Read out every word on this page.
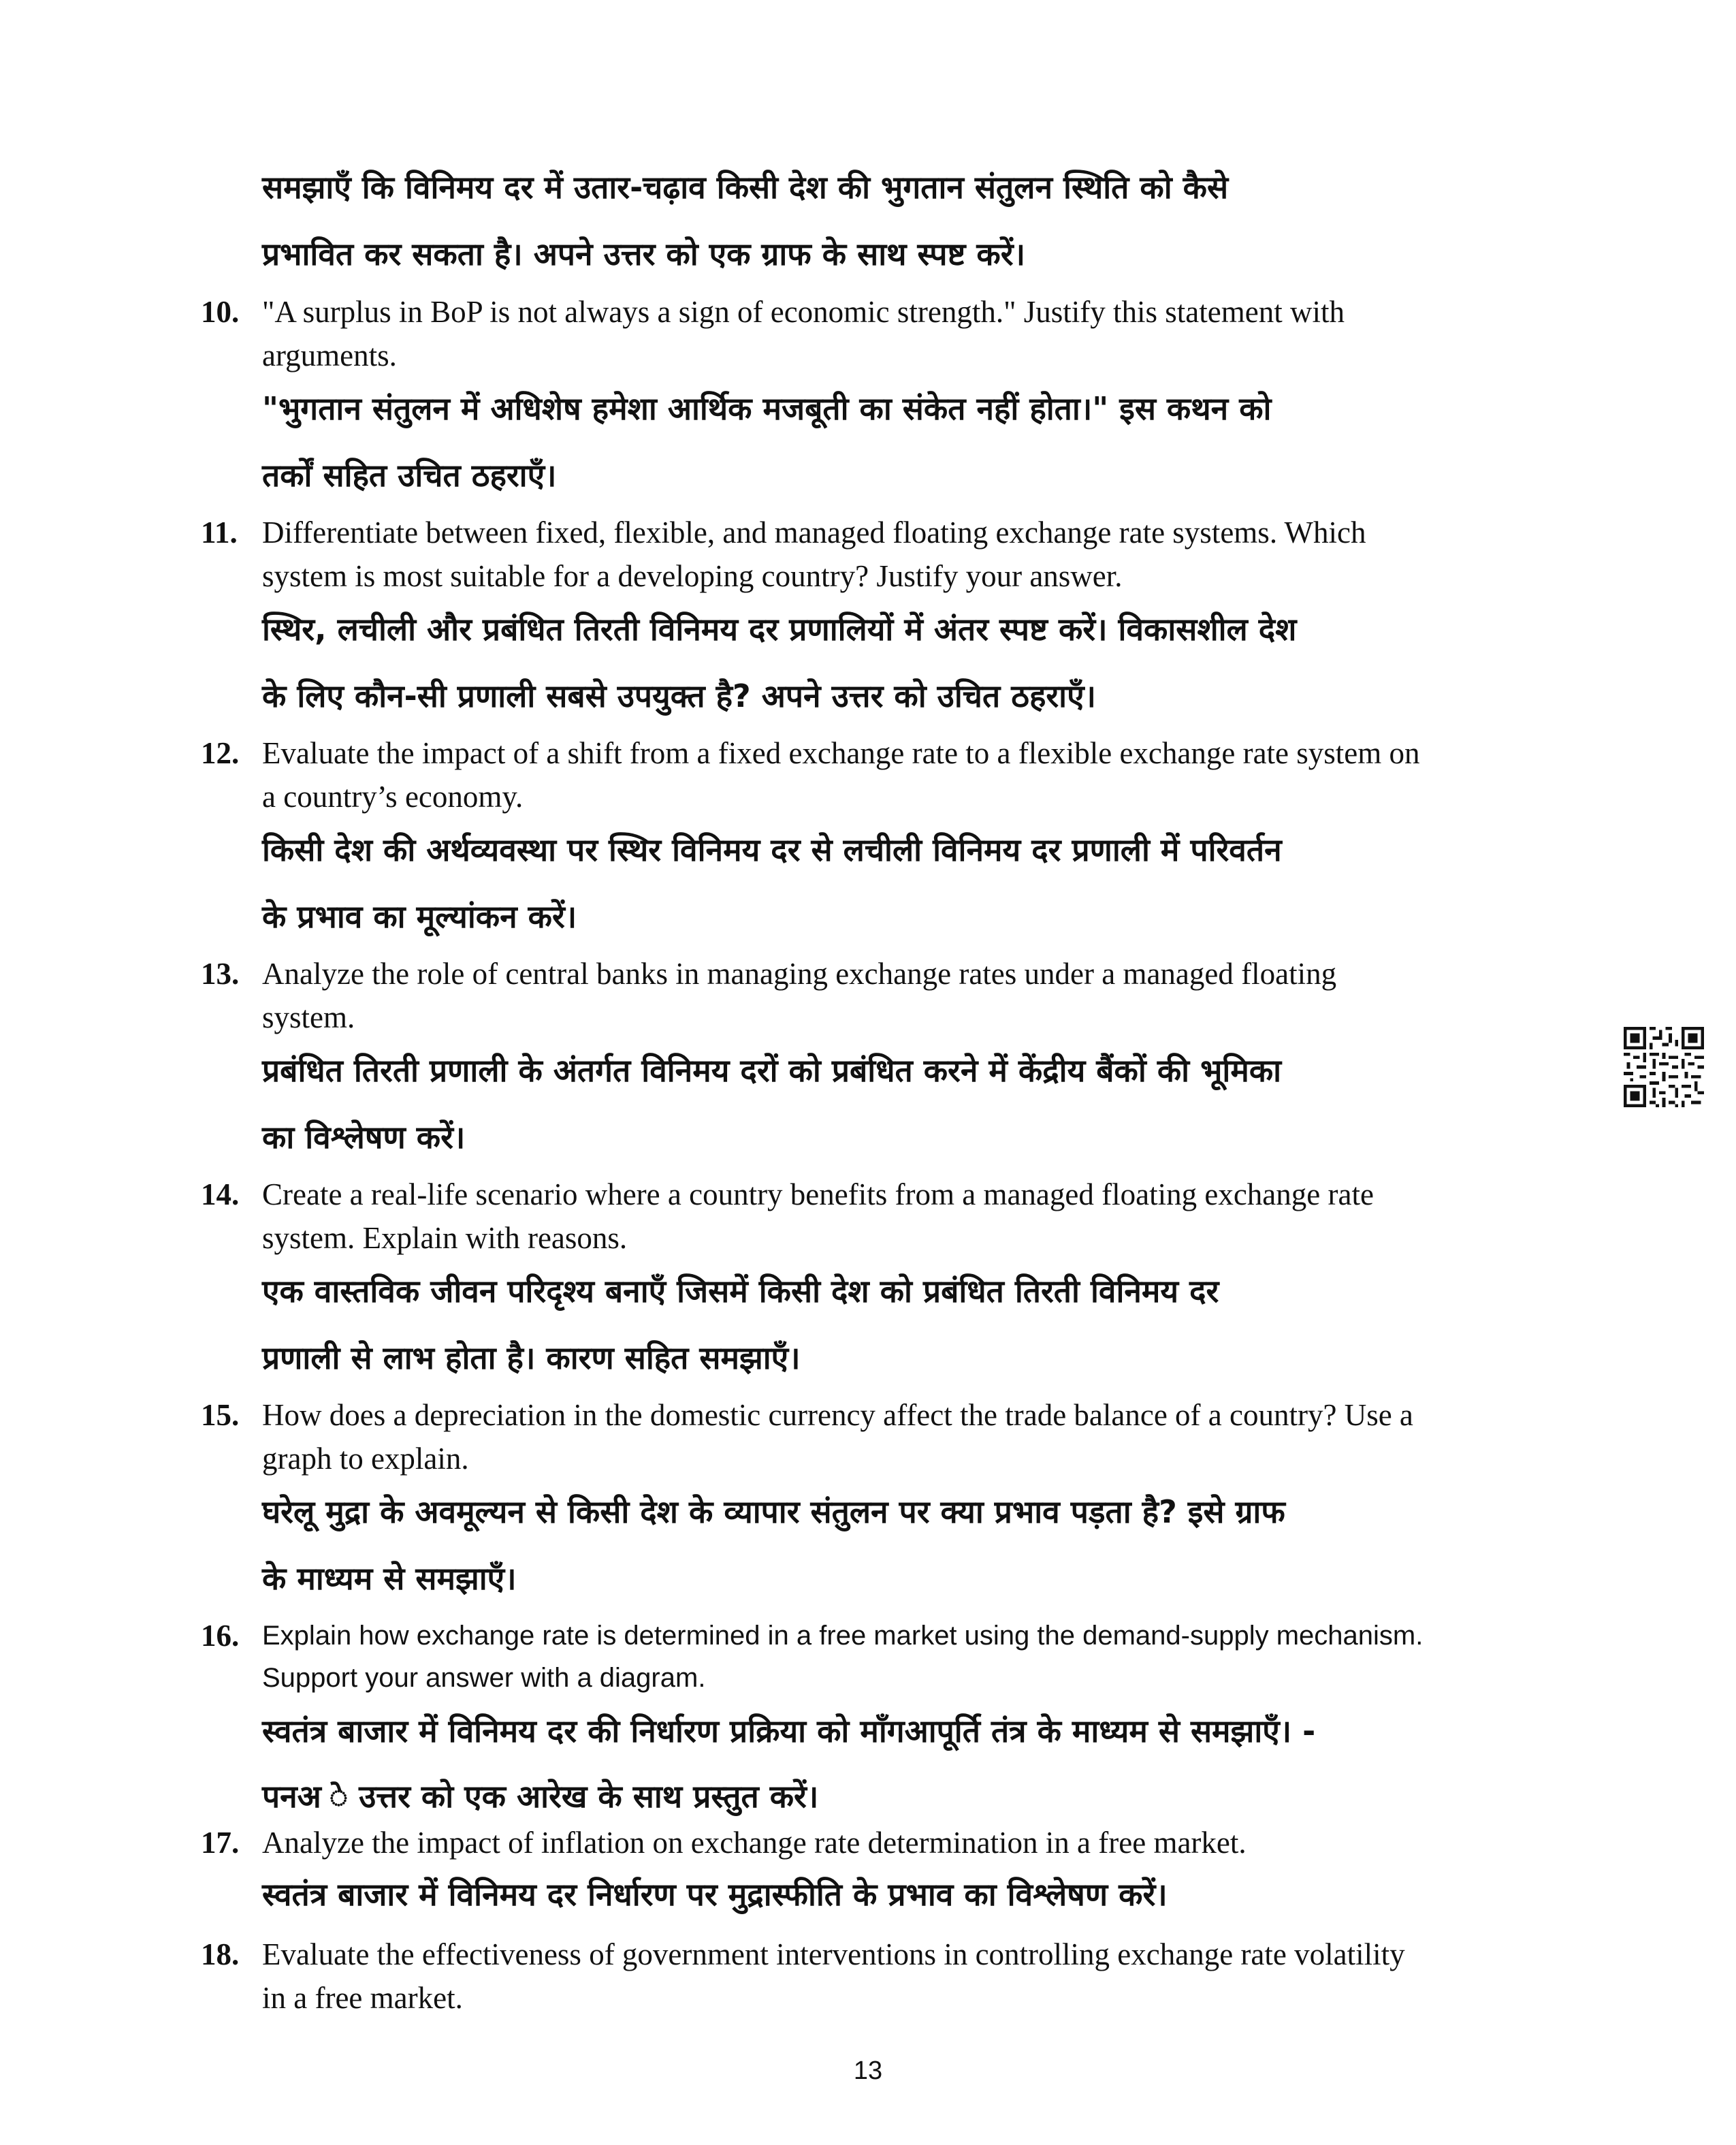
समझाएँ कि विनिमय दर में उतार-चढ़ाव किसी देश की भुगतान संतुलन स्थिति को कैसे
प्रभावित कर सकता है। अपने उत्तर को एक ग्राफ के साथ स्पष्ट करें।
10. "A surplus in BoP is not always a sign of economic strength." Justify this statement with
arguments.
"भुगतान संतुलन में अधिशेष हमेशा आर्थिक मजबूती का संकेत नहीं होता।" इस कथन को
तर्कों सहित उचित ठहराएँ।
11. Differentiate between fixed, flexible, and managed floating exchange rate systems. Which
system is most suitable for a developing country? Justify your answer.
स्थिर, लचीली और प्रबंधित तिरती विनिमय दर प्रणालियों में अंतर स्पष्ट करें। विकासशील देश
के लिए कौन-सी प्रणाली सबसे उपयुक्त है? अपने उत्तर को उचित ठहराएँ।
12. Evaluate the impact of a shift from a fixed exchange rate to a flexible exchange rate system on
a country’s economy.
किसी देश की अर्थव्यवस्था पर स्थिर विनिमय दर से लचीली विनिमय दर प्रणाली में परिवर्तन
के प्रभाव का मूल्यांकन करें।
13. Analyze the role of central banks in managing exchange rates under a managed floating
system.
प्रबंधित तिरती प्रणाली के अंतर्गत विनिमय दरों को प्रबंधित करने में केंद्रीय बैंकों की भूमिका
का विश्लेषण करें।
14. Create a real-life scenario where a country benefits from a managed floating exchange rate
system. Explain with reasons.
एक वास्तविक जीवन परिदृश्य बनाएँ जिसमें किसी देश को प्रबंधित तिरती विनिमय दर
प्रणाली से लाभ होता है। कारण सहित समझाएँ।
15. How does a depreciation in the domestic currency affect the trade balance of a country? Use a
graph to explain.
घरेलू मुद्रा के अवमूल्यन से किसी देश के व्यापार संतुलन पर क्या प्रभाव पड़ता है? इसे ग्राफ
के माध्यम से समझाएँ।
16. Explain how exchange rate is determined in a free market using the demand-supply mechanism.
Support your answer with a diagram.
स्वतंत्र बाजार में विनिमय दर की निर्धारण प्रक्रिया को माँगआपूर्ति तंत्र के माध्यम से समझाएँ। -
पनअ े उत्तर को एक आरेख के साथ प्रस्तुत करें।
17. Analyze the impact of inflation on exchange rate determination in a free market.
स्वतंत्र बाजार में विनिमय दर निर्धारण पर मुद्रास्फीति के प्रभाव का विश्लेषण करें।
18. Evaluate the effectiveness of government interventions in controlling exchange rate volatility
in a free market.
13
